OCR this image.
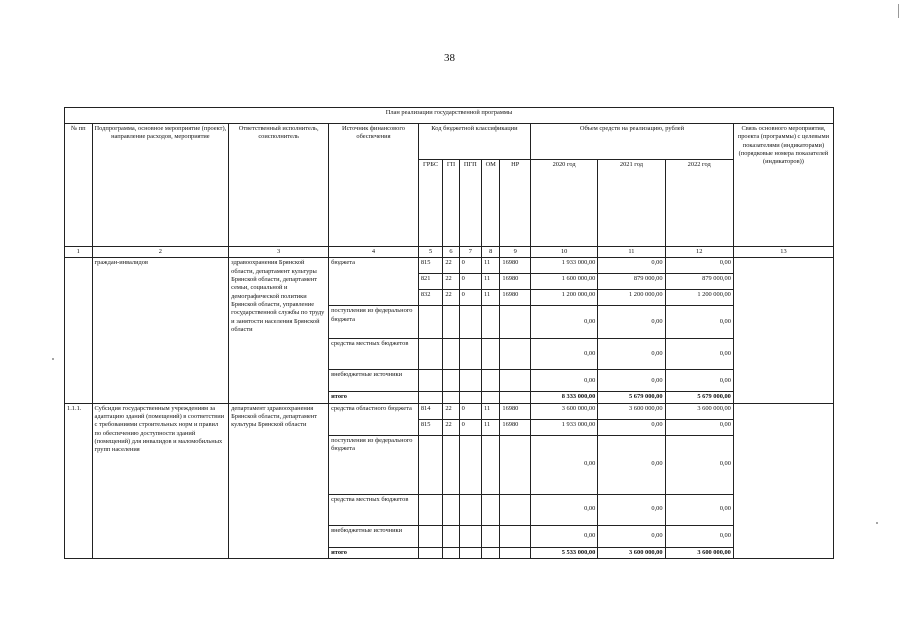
38
План реализации государственной программы												
№ пп	Подпрограмма, основное мероприятие (проект), направление расходов, мероприятие	Ответственный исполнитель, соисполнитель	Источник финансового обеспечения	Код бюджетной классификации					Объем средств на реализацию, рублей			Связь основного мероприятия, проекта (программы) с целевыми показателями (индикаторами) (порядковые номера показателей (индикаторов))
				ГРБС	ГП	ПГП	ОМ	НР	2020 год	2021 год	2022 год	
1	2	3	4	5	6	7	8	9	10	11	12	13
	граждан-инвалидов	здравоохранения Брянской области, департамент культуры Брянской области, департамент семьи, социальной и демографической политики Брянской области, управление государственной службы по труду и занятости населения Брянской области	бюджета	815	22	0	11	16980	1 933 000,00	0,00	0,00	
				821	22	0	11	16980	1 600 000,00	879 000,00	879 000,00	
				832	22	0	11	16980	1 200 000,00	1 200 000,00	1 200 000,00	
			поступления из федерального бюджета						0,00	0,00	0,00	
			средства местных бюджетов						0,00	0,00	0,00	
			внебюджетные источники						0,00	0,00	0,00	
			итого						8 333 000,00	5 679 000,00	5 679 000,00	
1.1.1.	Субсидия государственным учреждениям за адаптацию зданий (помещений) в соответствии с требованиями строительных норм и правил по обеспечению доступности зданий (помещений) для инвалидов и маломобильных групп населения	департамент здравоохранения Брянской области, департамент культуры Брянской области	средства областного бюджета	814	22	0	11	16980	3 600 000,00	3 600 000,00	3 600 000,00	
				815	22	0	11	16980	1 933 000,00	0,00	0,00	
			поступления из федерального бюджета						0,00	0,00	0,00	
			средства местных бюджетов						0,00	0,00	0,00	
			внебюджетные источники						0,00	0,00	0,00	
			итого						5 533 000,00	3 600 000,00	3 600 000,00	
